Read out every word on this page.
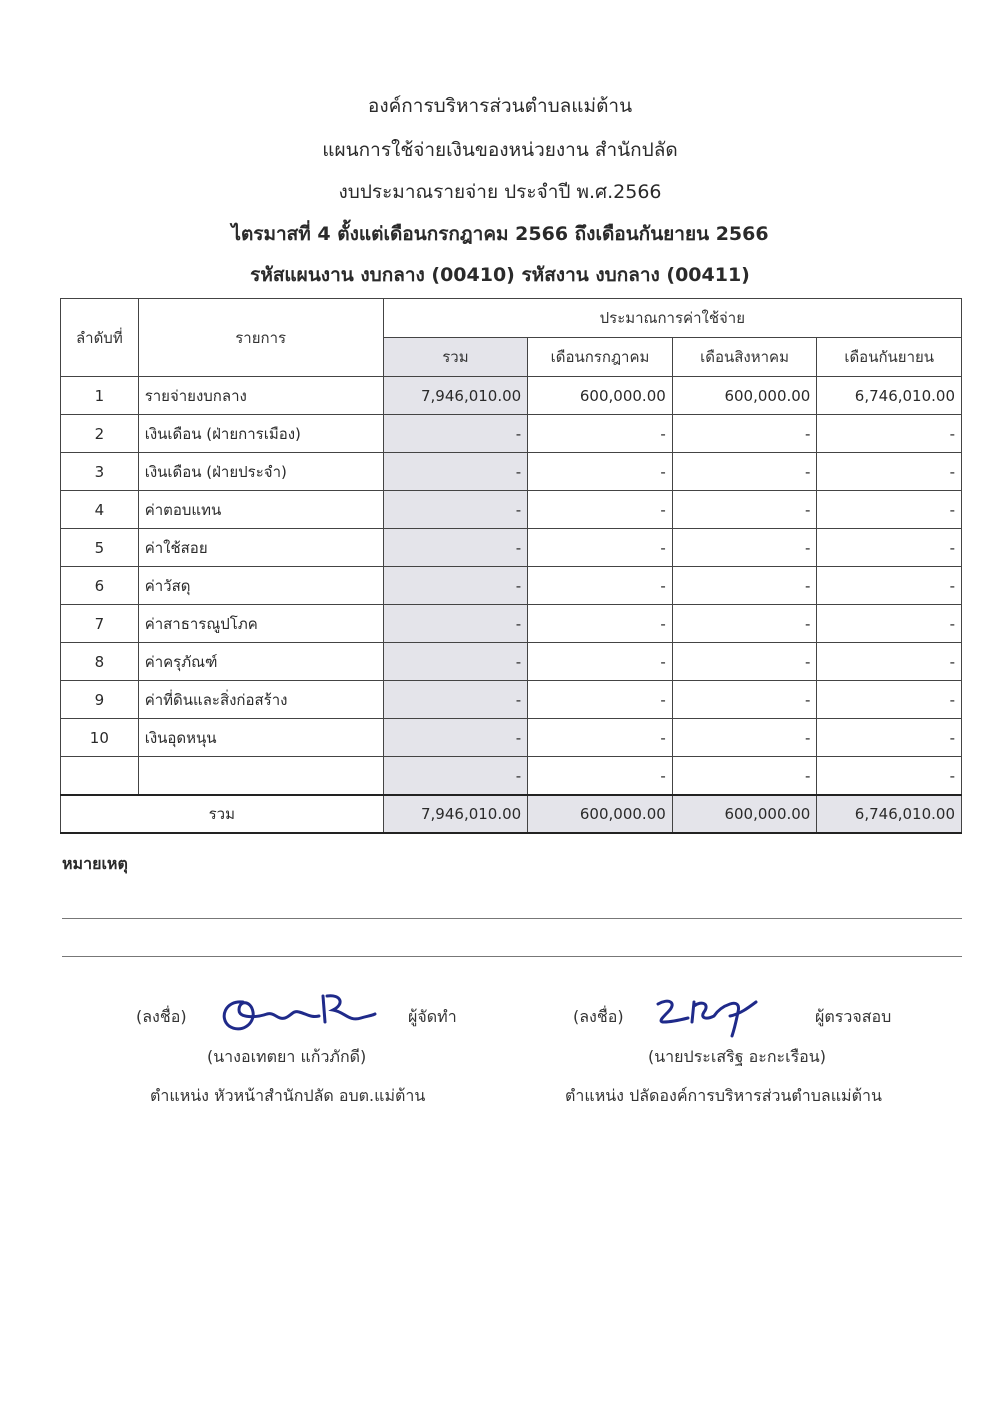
องค์การบริหารส่วนตำบลแม่ต้าน
แผนการใช้จ่ายเงินของหน่วยงาน สำนักปลัด
งบประมาณรายจ่าย ประจำปี พ.ศ.2566
ไตรมาสที่ 4 ตั้งแต่เดือนกรกฎาคม 2566 ถึงเดือนกันยายน 2566
รหัสแผนงาน งบกลาง (00410) รหัสงาน งบกลาง (00411)
ลำดับที่	รายการ	ประมาณการค่าใช้จ่าย			
		รวม	เดือนกรกฎาคม	เดือนสิงหาคม	เดือนกันยายน
1	รายจ่ายงบกลาง	7,946,010.00	600,000.00	600,000.00	6,746,010.00
2	เงินเดือน (ฝ่ายการเมือง)	-	-	-	-
3	เงินเดือน (ฝ่ายประจำ)	-	-	-	-
4	ค่าตอบแทน	-	-	-	-
5	ค่าใช้สอย	-	-	-	-
6	ค่าวัสดุ	-	-	-	-
7	ค่าสาธารณูปโภค	-	-	-	-
8	ค่าครุภัณฑ์	-	-	-	-
9	ค่าที่ดินและสิ่งก่อสร้าง	-	-	-	-
10	เงินอุดหนุน	-	-	-	-
		-	-	-	-
รวม		7,946,010.00	600,000.00	600,000.00	6,746,010.00
หมายเหตุ
(ลงชื่อ)	ผู้จัดทำ
(นางอเทตยา แก้วภักดี)
ตำแหน่ง หัวหน้าสำนักปลัด อบต.แม่ต้าน
(ลงชื่อ)	ผู้ตรวจสอบ
(นายประเสริฐ อะกะเรือน)
ตำแหน่ง ปลัดองค์การบริหารส่วนตำบลแม่ต้าน
